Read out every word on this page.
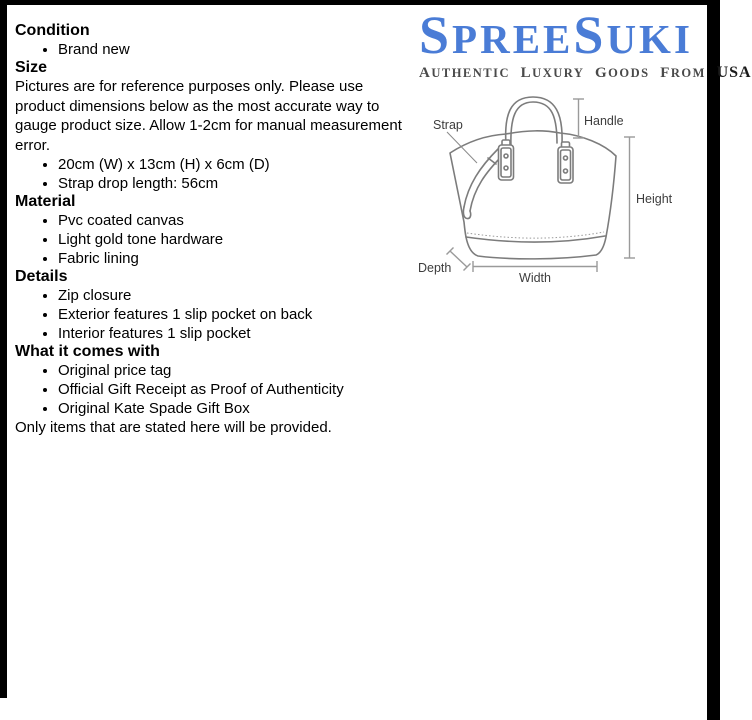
Condition
• Brand new
Size

Pictures are for reference purposes only. Please use product dimensions below as the most accurate way to gauge product size. Allow 1-2cm for manual measurement error.

• 20cm (W) x 13cm (H) x 6cm (D)
• Strap drop length: 56cm
Material
• Pvc coated canvas
• Light gold tone hardware
• Fabric lining
Details
• Zip closure
• Exterior features 1 slip pocket on back
• Interior features 1 slip pocket
What it comes with
• Original price tag
• Official Gift Receipt as Proof of Authenticity
• Original Kate Spade Gift Box

Only items that are stated here will be provided.

SPREESUKI
AUTHENTIC LUXURY GOODS FROM USA
Strap	Handle
Height
Width
Depth
